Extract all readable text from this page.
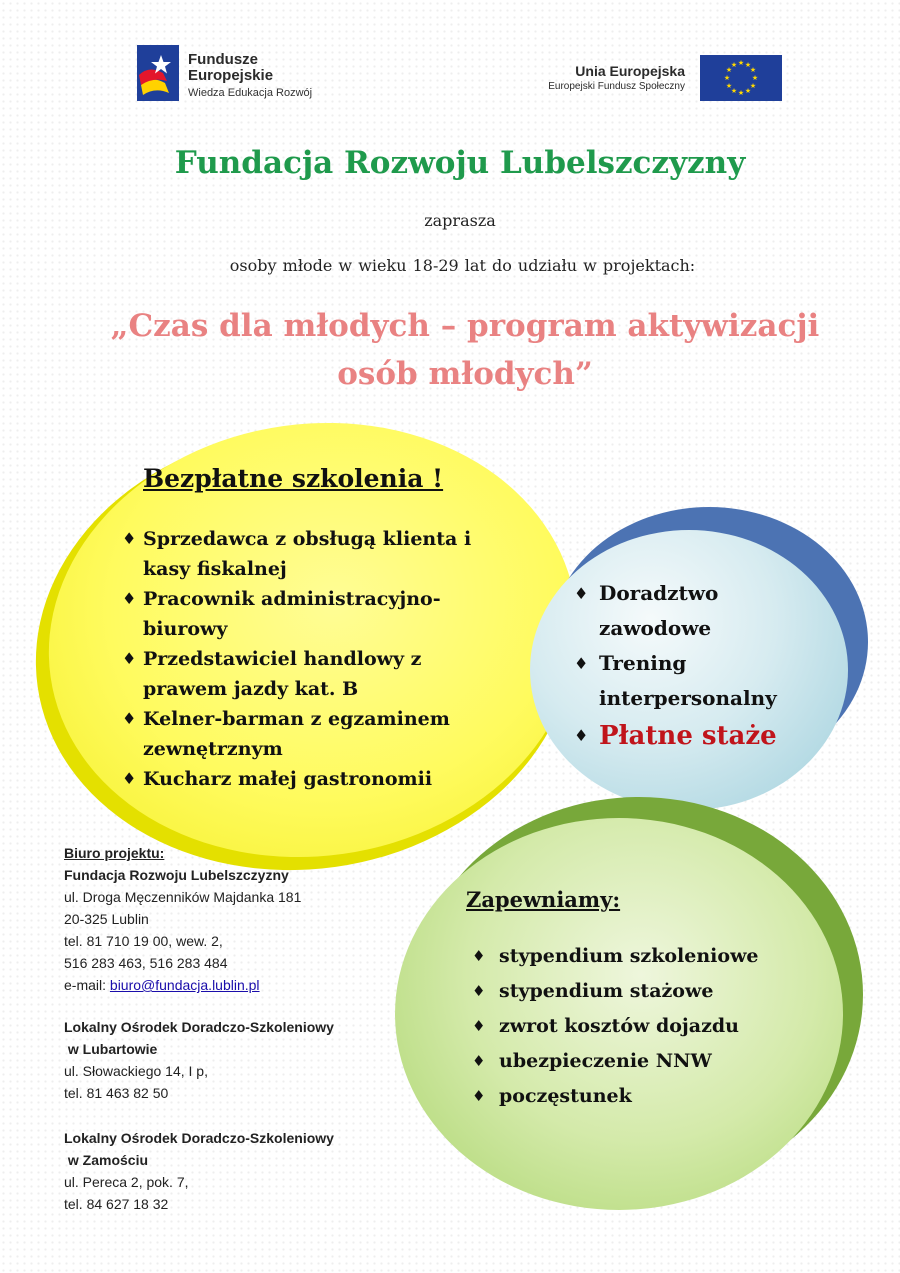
Fundusze
Europejskie
Wiedza Edukacja Rozwój
Unia Europejska
Europejski Fundusz Społeczny
★ ★
★
★
★
★
★
★
★
★
★
★
Fundacja Rozwoju Lubelszczyzny
zaprasza
osoby młode w wieku 18-29 lat do udziału w projektach:
„Czas dla młodych – program aktywizacji
osób młodych”
Bezpłatne szkolenia !
♦ Sprzedawca z obsługą klienta i kasy fiskalnej
♦ Pracownik administracyjno-biurowy
♦ Przedstawiciel handlowy z prawem jazdy kat. B
♦ Kelner-barman z egzaminem zewnętrznym
♦ Kucharz małej gastronomii
♦ Doradztwo zawodowe
♦ Trening interpersonalny
♦ Płatne staże
Zapewniamy:
♦ stypendium szkoleniowe
♦ stypendium stażowe
♦ zwrot kosztów dojazdu
♦ ubezpieczenie NNW
♦ poczęstunek
Biuro projektu:
Fundacja Rozwoju Lubelszczyzny
ul. Droga Męczenników Majdanka 181
20-325 Lublin
tel. 81 710 19 00, wew. 2,
516 283 463, 516 283 484
e-mail: biuro@fundacja.lublin.pl
Lokalny Ośrodek Doradczo-Szkoleniowy
w Lubartowie
ul. Słowackiego 14, I p,
tel. 81 463 82 50
Lokalny Ośrodek Doradczo-Szkoleniowy
w Zamościu
ul. Pereca 2, pok. 7,
tel. 84 627 18 32
